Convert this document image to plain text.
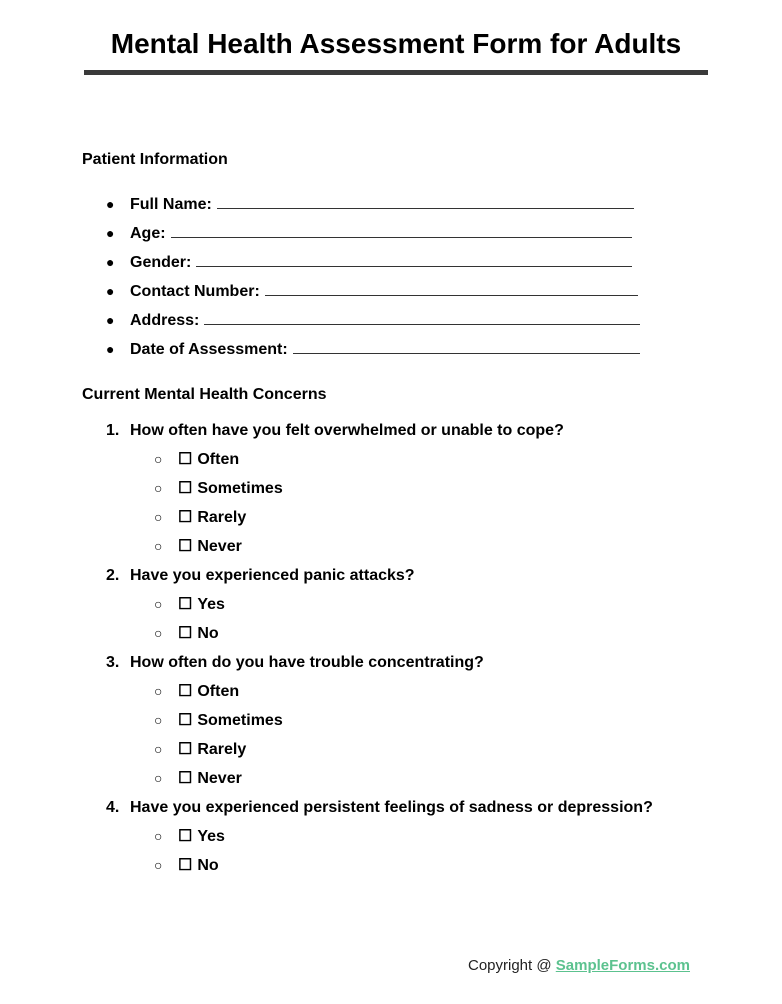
Mental Health Assessment Form for Adults
Patient Information
● Full Name:
● Age:
● Gender:
● Contact Number:
● Address:
● Date of Assessment:
Current Mental Health Concerns
1. How often have you felt overwhelmed or unable to cope?
○ ☐ Often
○ ☐ Sometimes
○ ☐ Rarely
○ ☐ Never
2. Have you experienced panic attacks?
○ ☐ Yes
○ ☐ No
3. How often do you have trouble concentrating?
○ ☐ Often
○ ☐ Sometimes
○ ☐ Rarely
○ ☐ Never
4. Have you experienced persistent feelings of sadness or depression?
○ ☐ Yes
○ ☐ No
Copyright @ SampleForms.com
